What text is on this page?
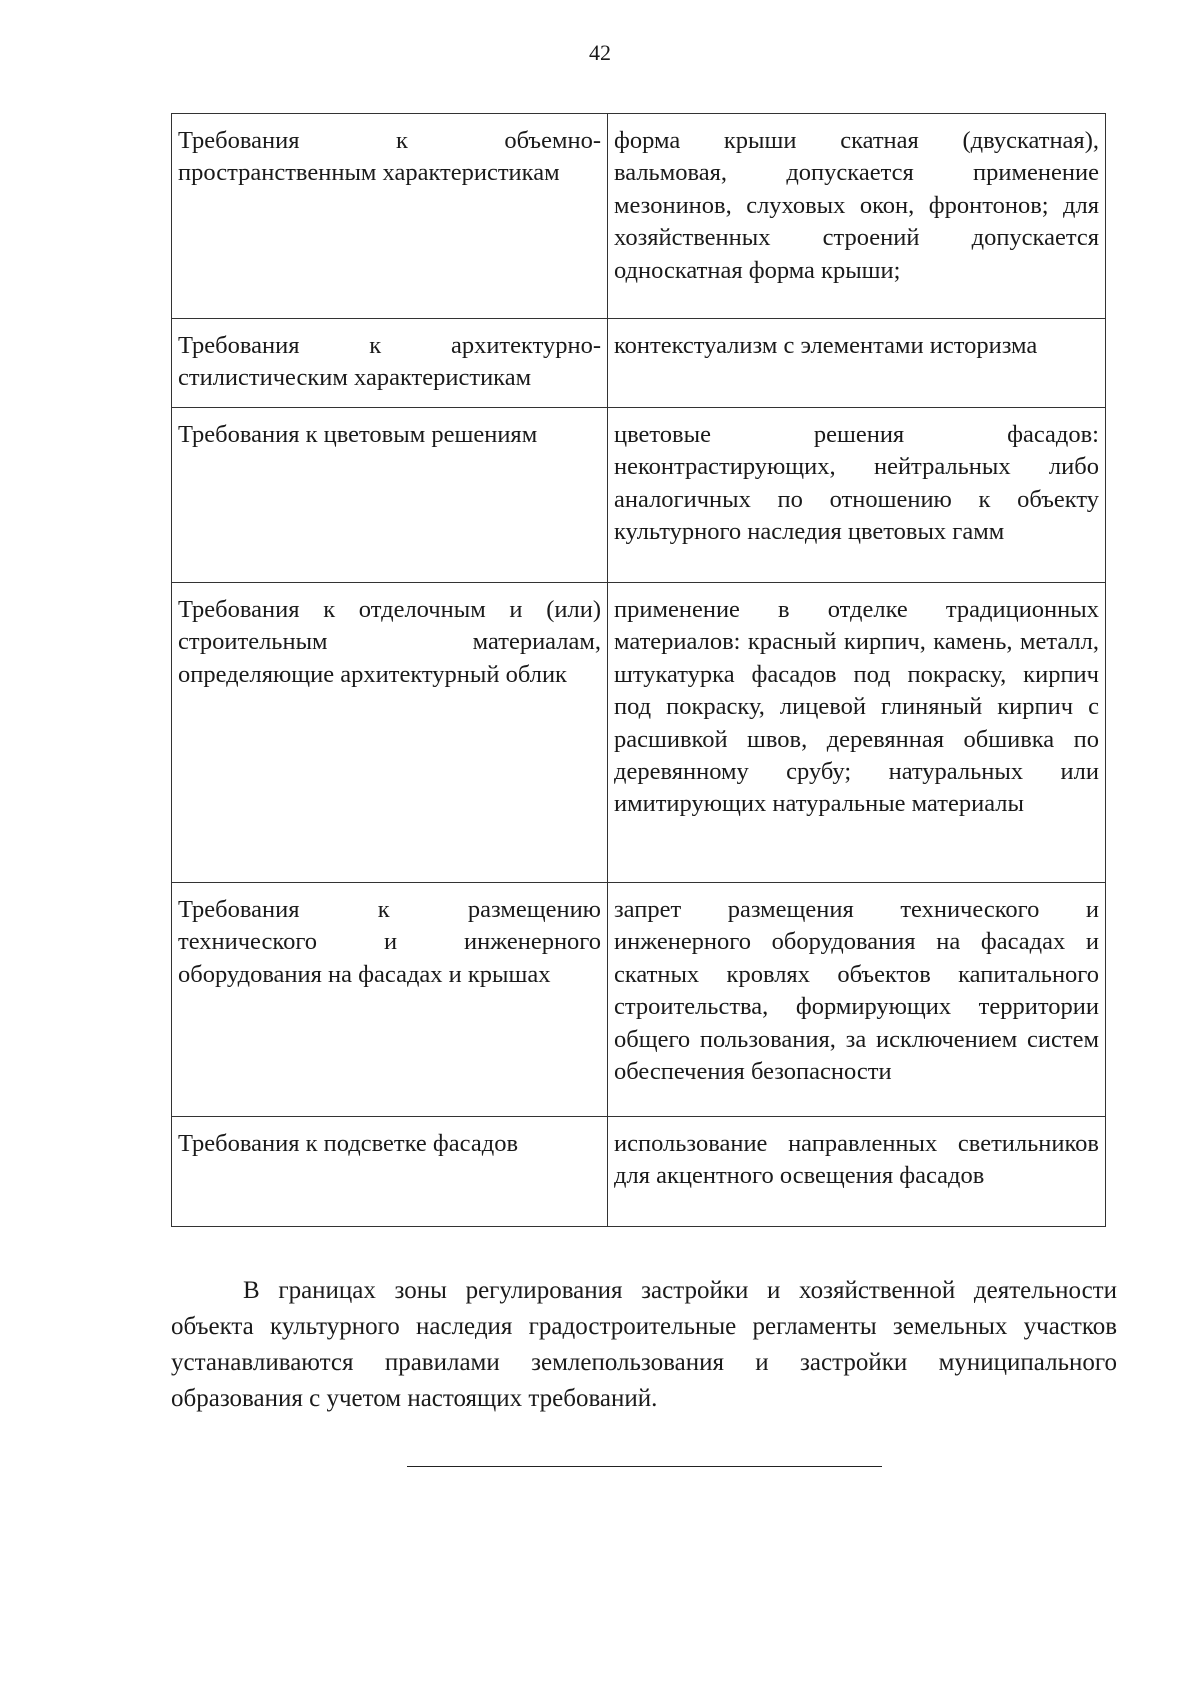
42
Требования к объемно-пространственным характеристикам	форма крыши скатная (двускатная), вальмовая, допускается применение мезонинов, слуховых окон, фронтонов; для хозяйственных строений допускается односкатная форма крыши;
Требования к архитектурно-стилистическим характеристикам	контекстуализм с элементами историзма
Требования к цветовым решениям	цветовые решения фасадов: неконтрастирующих, нейтральных либо аналогичных по отношению к объекту культурного наследия цветовых гамм
Требования к отделочным и (или) строительным материалам, определяющие архитектурный облик	применение в отделке традиционных материалов: красный кирпич, камень, металл, штукатурка фасадов под покраску, кирпич под покраску, лицевой глиняный кирпич с расшивкой швов, деревянная обшивка по деревянному срубу; натуральных или имитирующих натуральные материалы
Требования к размещению технического и инженерного оборудования на фасадах и крышах	запрет размещения технического и инженерного оборудования на фасадах и скатных кровлях объектов капитального строительства, формирующих территории общего пользования, за исключением систем обеспечения безопасности
Требования к подсветке фасадов	использование направленных светильников для акцентного освещения фасадов

В границах зоны регулирования застройки и хозяйственной деятельности объекта культурного наследия градостроительные регламенты земельных участков устанавливаются правилами землепользования и застройки муниципального образования с учетом настоящих требований.
